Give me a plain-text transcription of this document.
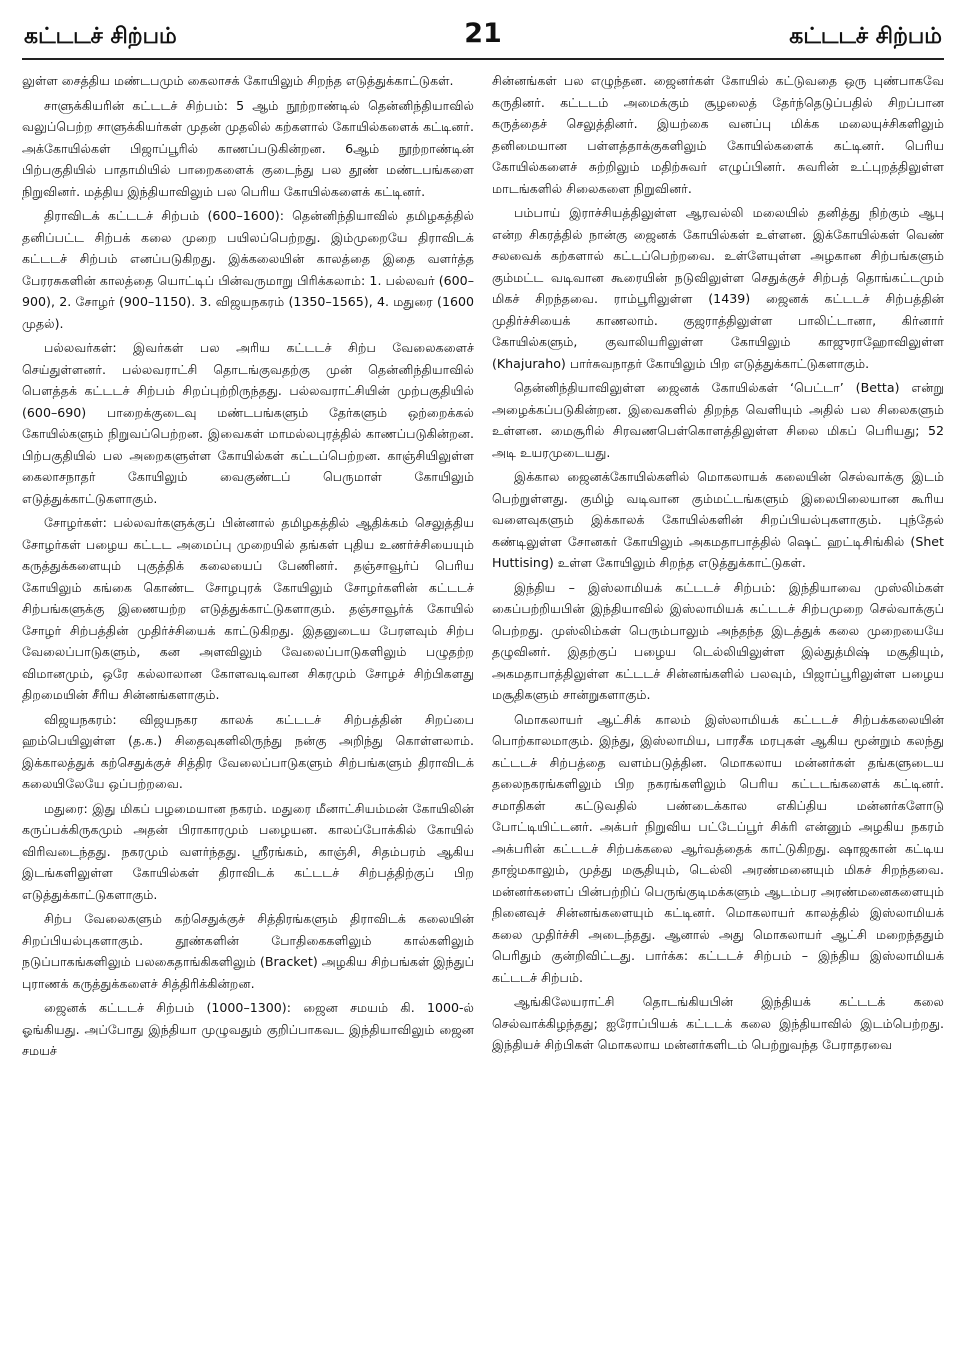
கட்டடச் சிற்பம்	21	கட்டடச் சிற்பம்

லுள்ள சைத்திய மண்டபமும் கைலாசக் கோயிலும் சிறந்த எடுத்துக்காட்டுகள்.

சாளுக்கியரின் கட்டடச் சிற்பம்: 5 ஆம் நூற்றாண்டில் தென்னிந்தியாவில் வலுப்பெற்ற சாளுக்கியர்கள் முதன் முதலில் கற்களால் கோயில்களைக் கட்டினர். அக்கோயில்கள் பிஜாப்பூரில் காணப்படுகின்றன. 6ஆம் நூற்றாண்டின் பிற்பகுதியில் பாதாமியில் பாறைகளைக் குடைந்து பல தூண் மண்டபங்களை நிறுவினர். மத்திய இந்தியாவிலும் பல பெரிய கோயில்களைக் கட்டினர்.

திராவிடக் கட்டடச் சிற்பம் (600–1600): தென்னிந்தியாவில் தமிழகத்தில் தனிப்பட்ட சிற்பக் கலை முறை பயிலப்பெற்றது. இம்முறையே திராவிடக் கட்டடச் சிற்பம் எனப்படுகிறது. இக்கலையின் காலத்தை இதை வளர்த்த பேரரசுகளின் காலத்தை யொட்டிப் பின்வருமாறு பிரிக்கலாம்: 1. பல்லவர் (600–900), 2. சோழர் (900–1150). 3. விஜயநகரம் (1350–1565), 4. மதுரை (1600 முதல்).

பல்லவர்கள்: இவர்கள் பல அரிய கட்டடச் சிற்ப வேலைகளைச் செய்துள்ளனர். பல்லவராட்சி தொடங்குவதற்கு முன் தென்னிந்தியாவில் பௌத்தக் கட்டடச் சிற்பம் சிறப்புற்றிருந்தது. பல்லவராட்சியின் முற்பகுதியில் (600–690) பாறைக்குடைவு மண்டபங்களும் தேர்களும் ஒற்றைக்கல் கோயில்களும் நிறுவப்பெற்றன. இவைகள் மாமல்லபுரத்தில் காணப்படுகின்றன. பிற்பகுதியில் பல அறைகளுள்ள கோயில்கள் கட்டப்பெற்றன. காஞ்சியிலுள்ள கைலாசநாதர் கோயிலும் வைகுண்டப் பெருமாள் கோயிலும் எடுத்துக்காட்டுகளாகும்.

சோழர்கள்: பல்லவர்களுக்குப் பின்னால் தமிழகத்தில் ஆதிக்கம் செலுத்திய சோழர்கள் பழைய கட்டட அமைப்பு முறையில் தங்கள் புதிய உணர்ச்சியையும் கருத்துக்களையும் புகுத்திக் கலையைப் பேணினர். தஞ்சாவூர்ப் பெரிய கோயிலும் கங்கை கொண்ட சோழபுரக் கோயிலும் சோழர்களின் கட்டடச் சிற்பங்களுக்கு இணையற்ற எடுத்துக்காட்டுகளாகும். தஞ்சாவூர்க் கோயில் சோழர் சிற்பத்தின் முதிர்ச்சியைக் காட்டுகிறது. இதனுடைய பேரளவும் சிற்ப வேலைப்பாடுகளும், கன அளவிலும் வேலைப்பாடுகளிலும் பழுதற்ற விமானமும், ஒரே கல்லாலான கோளவடிவான சிகரமும் சோழச் சிற்பிகளது திறமையின் சீரிய சின்னங்களாகும்.

விஜயநகரம்: விஜயநகர காலக் கட்டடச் சிற்பத்தின் சிறப்பை ஹம்பெயிலுள்ள (த.க.) சிதைவுகளிலிருந்து நன்கு அறிந்து கொள்ளலாம். இக்காலத்துக் கற்செதுக்குச் சித்திர வேலைப்பாடுகளும் சிற்பங்களும் திராவிடக் கலையிலேயே ஒப்பற்றவை.

மதுரை: இது மிகப் பழமையான நகரம். மதுரை மீனாட்சியம்மன் கோயிலின் கருப்பக்கிருகமும் அதன் பிராகாரமும் பழையன. காலப்போக்கில் கோயில் விரிவடைந்தது. நகரமும் வளர்ந்தது. ஸ்ரீரங்கம், காஞ்சி, சிதம்பரம் ஆகிய இடங்களிலுள்ள கோயில்கள் திராவிடக் கட்டடச் சிற்பத்திற்குப் பிற எடுத்துக்காட்டுகளாகும்.

சிற்ப வேலைகளும் கற்செதுக்குச் சித்திரங்களும் திராவிடக் கலையின் சிறப்பியல்புகளாகும். தூண்களின் போதிகைகளிலும் கால்களிலும் நடுப்பாகங்களிலும் பலகைதாங்கிகளிலும் (Bracket) அழகிய சிற்பங்கள் இந்துப் புராணக் கருத்துக்களைச் சித்திரிக்கின்றன.

ஜைனக் கட்டடச் சிற்பம் (1000–1300): ஜைன சமயம் கி. 1000-ல் ஓங்கியது. அப்போது இந்தியா முழுவதும் குறிப்பாகவட இந்தியாவிலும் ஜைன சமயச்

சின்னங்கள் பல எழுந்தன. ஜைனர்கள் கோயில் கட்டுவதை ஒரு புண்பாகவே கருதினர். கட்டடம் அமைக்கும் சூழலைத் தேர்ந்தெடுப்பதில் சிறப்பான கருத்தைச் செலுத்தினர். இயற்கை வனப்பு மிக்க மலையுச்சிகளிலும் தனிமையான பள்ளத்தாக்குகளிலும் கோயில்களைக் கட்டினர். பெரிய கோயில்களைச் சுற்றிலும் மதிற்சுவர் எழுப்பினர். சுவரின் உட்புறத்திலுள்ள மாடங்களில் சிலைகளை நிறுவினர்.

பம்பாய் இராச்சியத்திலுள்ள ஆரவல்லி மலையில் தனித்து நிற்கும் ஆபு என்ற சிகரத்தில் நான்கு ஜைனக் கோயில்கள் உள்ளன. இக்கோயில்கள் வெண் சலவைக் கற்களால் கட்டப்பெற்றவை. உள்ளேயுள்ள அழகான சிற்பங்களும் கும்மட்ட வடிவான கூரையின் நடுவிலுள்ள செதுக்குச் சிற்பத் தொங்கட்டமும் மிகச் சிறந்தவை. ராம்பூரிலுள்ள (1439) ஜைனக் கட்டடச் சிற்பத்தின் முதிர்ச்சியைக் காணலாம். குஜராத்திலுள்ள பாலிட்டானா, கிர்னார் கோயில்களும், குவாலியரிலுள்ள கோயிலும் காஜுராஹோவிலுள்ள (Khajuraho) பார்சுவநாதர் கோயிலும் பிற எடுத்துக்காட்டுகளாகும்.

தென்னிந்தியாவிலுள்ள ஜைனக் கோயில்கள் ‘பெட்டா’ (Betta) என்று அழைக்கப்படுகின்றன. இவைகளில் திறந்த வெளியும் அதில் பல சிலைகளும் உள்ளன. மைசூரில் சிரவணபெள்கொளத்திலுள்ள சிலை மிகப் பெரியது; 52 அடி உயரமுடையது.

இக்கால ஜைனக்கோயில்களில் மொகலாயக் கலையின் செல்வாக்கு இடம் பெற்றுள்ளது. குமிழ் வடிவான கும்மட்டங்களும் இலைபிலையான கூரிய வளைவுகளும் இக்காலக் கோயில்களின் சிறப்பியல்புகளாகும். புந்தேல் கண்டிலுள்ள சோனகர் கோயிலும் அகமதாபாத்தில் ஷெட் ஹட்டிசிங்கில் (Shet Huttising) உள்ள கோயிலும் சிறந்த எடுத்துக்காட்டுகள்.

இந்திய – இஸ்லாமியக் கட்டடச் சிற்பம்: இந்தியாவை முஸ்லிம்கள் கைப்பற்றியபின் இந்தியாவில் இஸ்லாமியக் கட்டடச் சிற்பமுறை செல்வாக்குப் பெற்றது. முஸ்லிம்கள் பெரும்பாலும் அந்தந்த இடத்துக் கலை முறையையே தழுவினர். இதற்குப் பழைய டெல்லியிலுள்ள இல்துத்மிஷ் மசூதியும், அகமதாபாத்திலுள்ள கட்டடச் சின்னங்களில் பலவும், பிஜாப்பூரிலுள்ள பழைய மசூதிகளும் சான்றுகளாகும்.

மொகலாயர் ஆட்சிக் காலம் இஸ்லாமியக் கட்டடச் சிற்பக்கலையின் பொற்காலமாகும். இந்து, இஸ்லாமிய, பாரசீக மரபுகள் ஆகிய மூன்றும் கலந்து கட்டடச் சிற்பத்தை வளம்படுத்தின. மொகலாய மன்னர்கள் தங்களுடைய தலைநகரங்களிலும் பிற நகரங்களிலும் பெரிய கட்டடங்களைக் கட்டினர். சமாதிகள் கட்டுவதில் பண்டைக்கால எகிப்திய மன்னர்களோடு போட்டியிட்டனர். அக்பர் நிறுவிய பட்டேப்பூர் சிக்ரி என்னும் அழகிய நகரம் அக்பரின் கட்டடச் சிற்பக்கலை ஆர்வத்தைக் காட்டுகிறது. ஷாஜகான் கட்டிய தாஜ்மகாலும், முத்து மசூதியும், டெல்லி அரண்மனையும் மிகச் சிறந்தவை. மன்னர்களைப் பின்பற்றிப் பெருங்குடிமக்களும் ஆடம்பர அரண்மனைகளையும் நினைவுச் சின்னங்களையும் கட்டினர். மொகலாயர் காலத்தில் இஸ்லாமியக் கலை முதிர்ச்சி அடைந்தது. ஆனால் அது மொகலாயர் ஆட்சி மறைந்ததும் பெரிதும் குன்றிவிட்டது. பார்க்க: கட்டடச் சிற்பம் – இந்திய இஸ்லாமியக் கட்டடச் சிற்பம்.

ஆங்கிலேயராட்சி தொடங்கியபின் இந்தியக் கட்டடக் கலை செல்வாக்கிழந்தது; ஐரோப்பியக் கட்டடக் கலை இந்தியாவில் இடம்பெற்றது. இந்தியச் சிற்பிகள் மொகலாய மன்னர்களிடம் பெற்றுவந்த பேராதரவை
